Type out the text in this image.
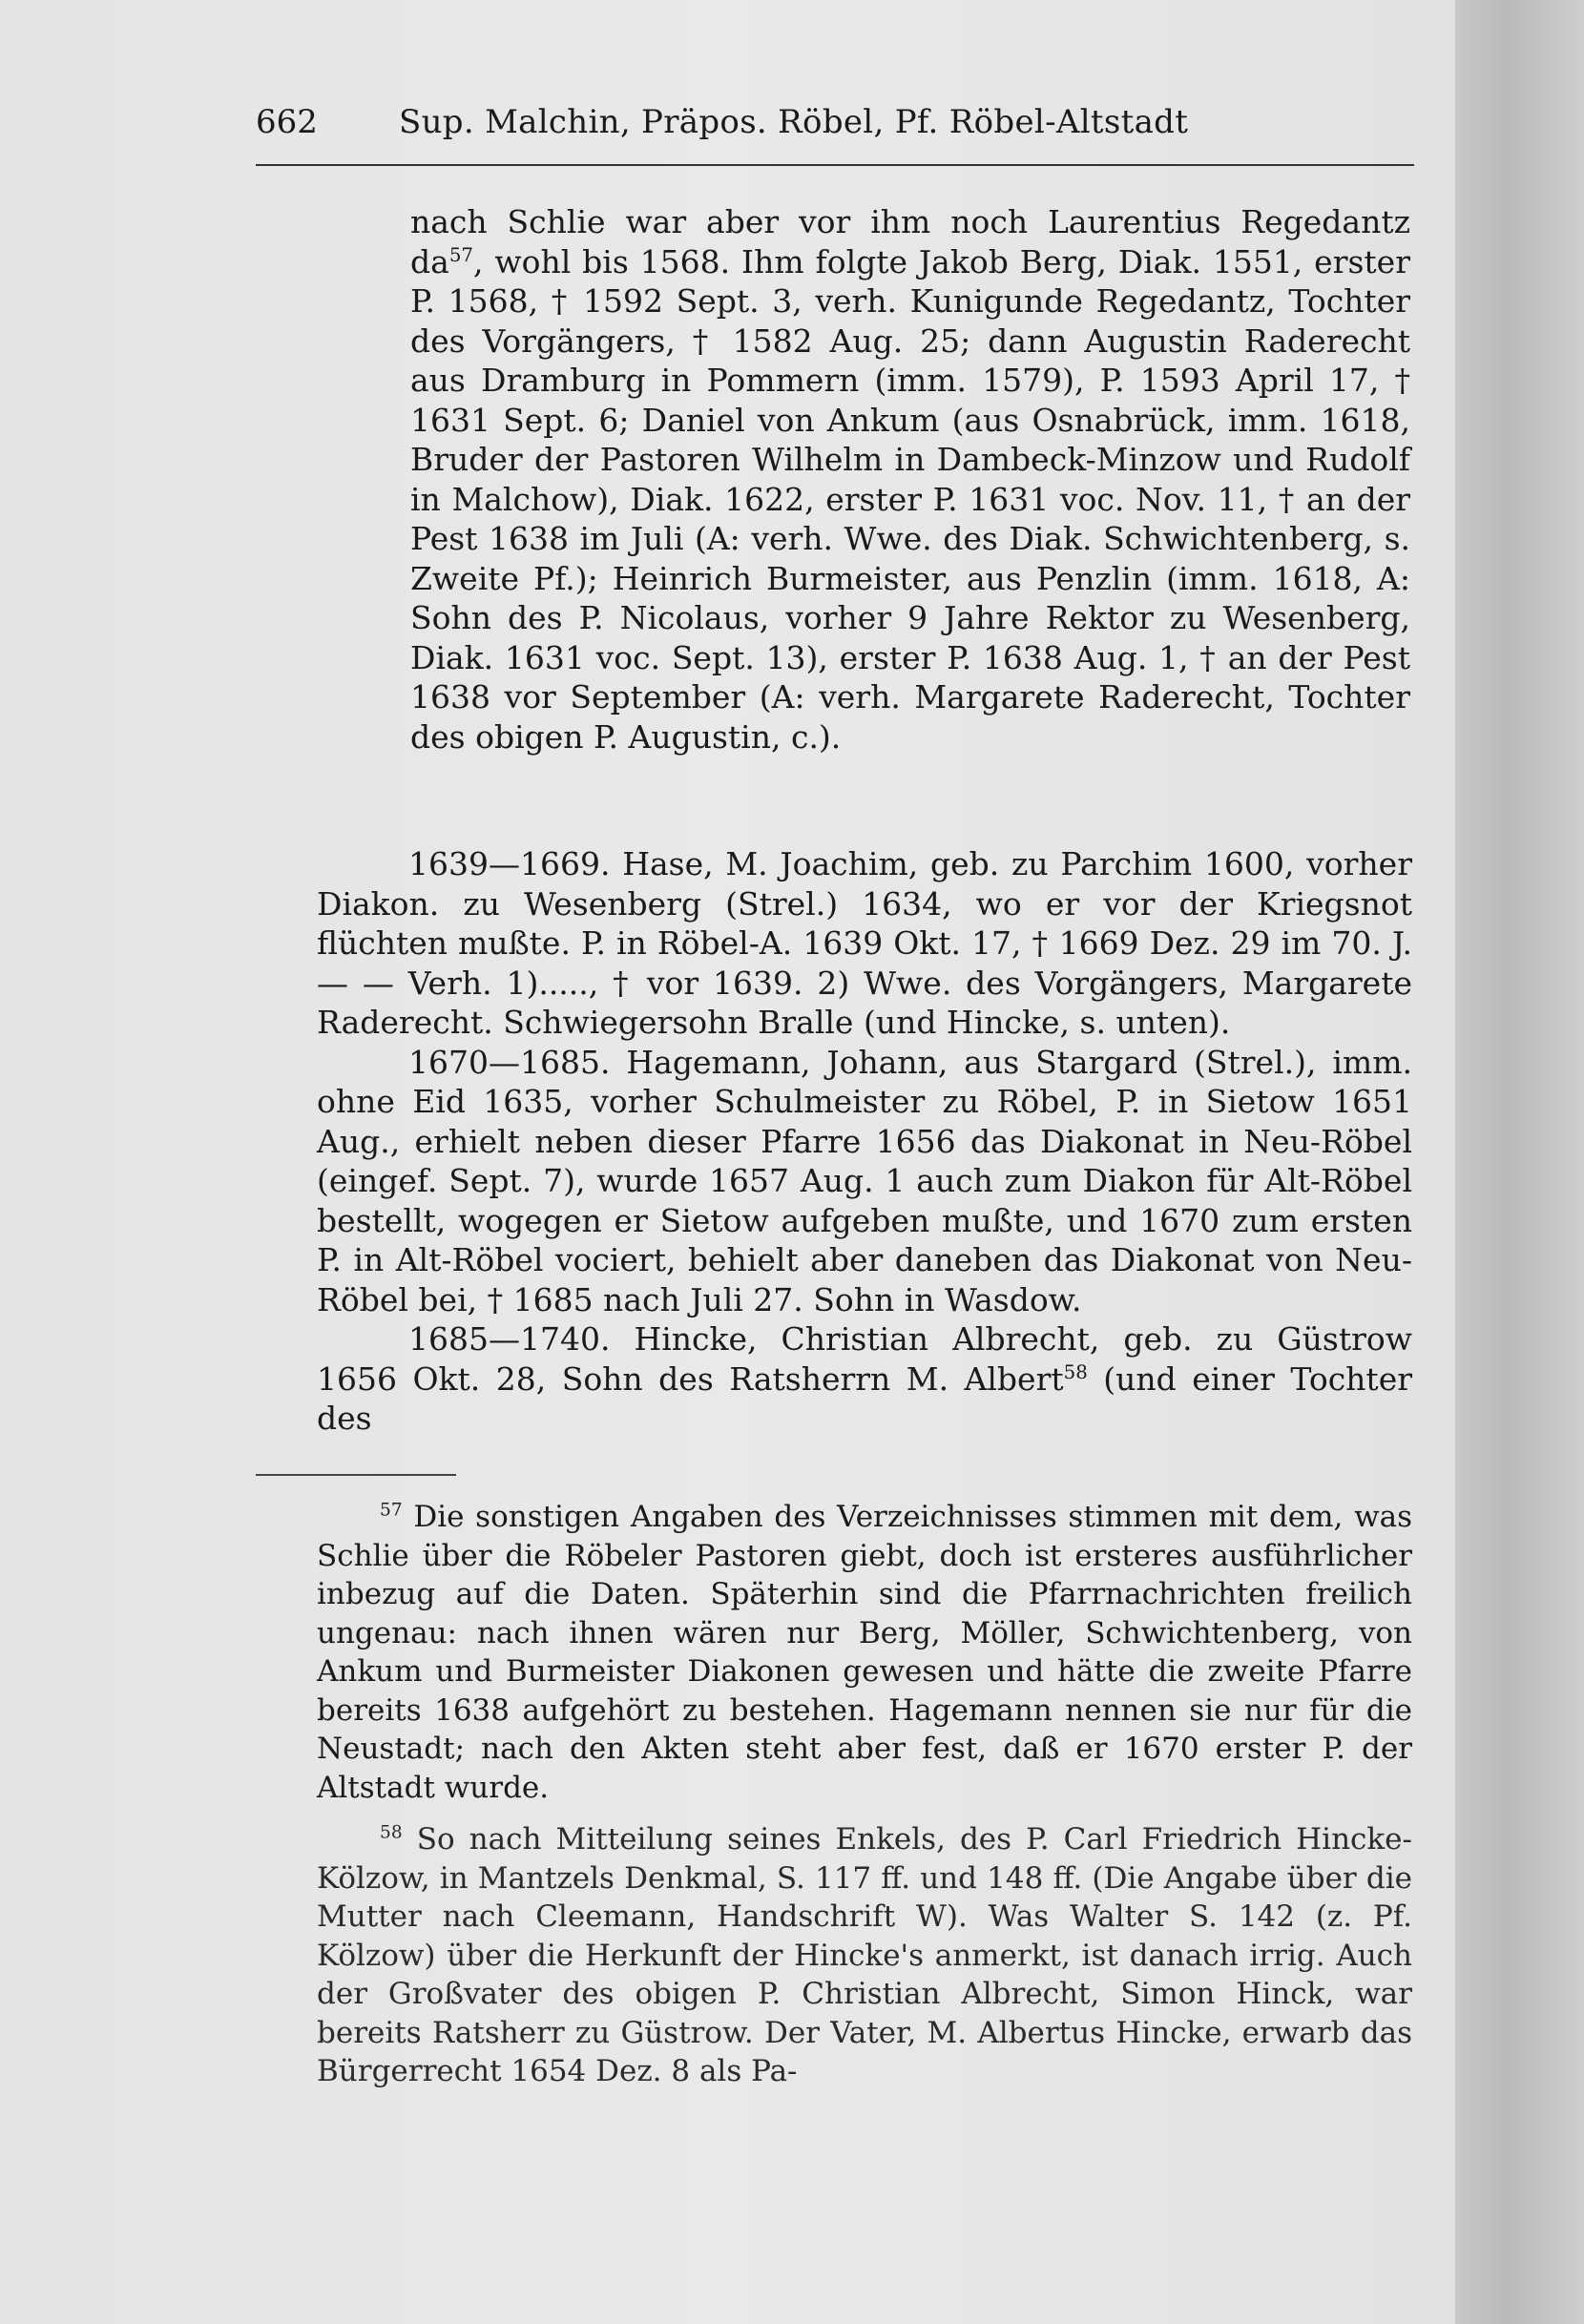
662	Sup. Malchin, Präpos. Röbel, Pf. Röbel-Altstadt

nach Schlie war aber vor ihm noch Laurentius Regedantz $da^{57}$, wohl bis 1568. Ihm folgte Jakob Berg, Diak. 1551, erster P. 1568, † 1592 Sept. 3, verh. Kunigunde Regedantz, Tochter des Vorgängers, † 1582 Aug. 25; dann Augustin Raderecht aus Dramburg in Pommern (imm. 1579), P. 1593 April 17, † 1631 Sept. 6; Daniel von Ankum (aus Osnabrück, imm. 1618, Bruder der Pastoren Wilhelm in Dambeck-Minzow und Rudolf in Malchow), Diak. 1622, erster P. 1631 voc. Nov. 11, † an der Pest 1638 im Juli (A: verh. Wwe. des Diak. Schwichtenberg, s. Zweite Pf.); Heinrich Burmeister, aus Penzlin (imm. 1618, A: Sohn des P. Nicolaus, vorher 9 Jahre Rektor zu Wesenberg, Diak. 1631 voc. Sept. 13), erster P. 1638 Aug. 1, † an der Pest 1638 vor September (A: verh. Margarete Raderecht, Tochter des obigen P. Augustin, c.).

1639—1669. Hase, M. Joachim, geb. zu Parchim 1600, vorher Diakon. zu Wesenberg (Strel.) 1634, wo er vor der Kriegsnot flüchten mußte. P. in Röbel-A. 1639 Okt. 17, † 1669 Dez. 29 im 70. J. — — Verh. 1)....., † vor 1639. 2) Wwe. des Vorgängers, Margarete Raderecht. Schwiegersohn Bralle (und Hincke, s. unten).

1670—1685. Hagemann, Johann, aus Stargard (Strel.), imm. ohne Eid 1635, vorher Schulmeister zu Röbel, P. in Sietow 1651 Aug., erhielt neben dieser Pfarre 1656 das Diakonat in Neu-Röbel (eingef. Sept. 7), wurde 1657 Aug. 1 auch zum Diakon für Alt-Röbel bestellt, wogegen er Sietow aufgeben mußte, und 1670 zum ersten P. in Alt-Röbel vociert, behielt aber daneben das Diakonat von Neu-Röbel bei, † 1685 nach Juli 27. Sohn in Wasdow.

1685—1740. Hincke, Christian Albrecht, geb. zu Güstrow 1656 Okt. 28, Sohn des Ratsherrn M. Albert$^{58}$ (und einer Tochter des

$^{57}$ Die sonstigen Angaben des Verzeichnisses stimmen mit dem, was Schlie über die Röbeler Pastoren giebt, doch ist ersteres ausführlicher inbezug auf die Daten. Späterhin sind die Pfarrnachrichten freilich ungenau: nach ihnen wären nur Berg, Möller, Schwichtenberg, von Ankum und Burmeister Diakonen gewesen und hätte die zweite Pfarre bereits 1638 aufgehört zu bestehen. Hagemann nennen sie nur für die Neustadt; nach den Akten steht aber fest, daß er 1670 erster P. der Altstadt wurde.

$^{58}$ So nach Mitteilung seines Enkels, des P. Carl Friedrich Hincke-Kölzow, in Mantzels Denkmal, S. 117 ff. und 148 ff. (Die Angabe über die Mutter nach Cleemann, Handschrift W). Was Walter S. 142 (z. Pf. Kölzow) über die Herkunft der Hincke's anmerkt, ist danach irrig. Auch der Großvater des obigen P. Christian Albrecht, Simon Hinck, war bereits Ratsherr zu Güstrow. Der Vater, M. Albertus Hincke, erwarb das Bürgerrecht 1654 Dez. 8 als Pa-
